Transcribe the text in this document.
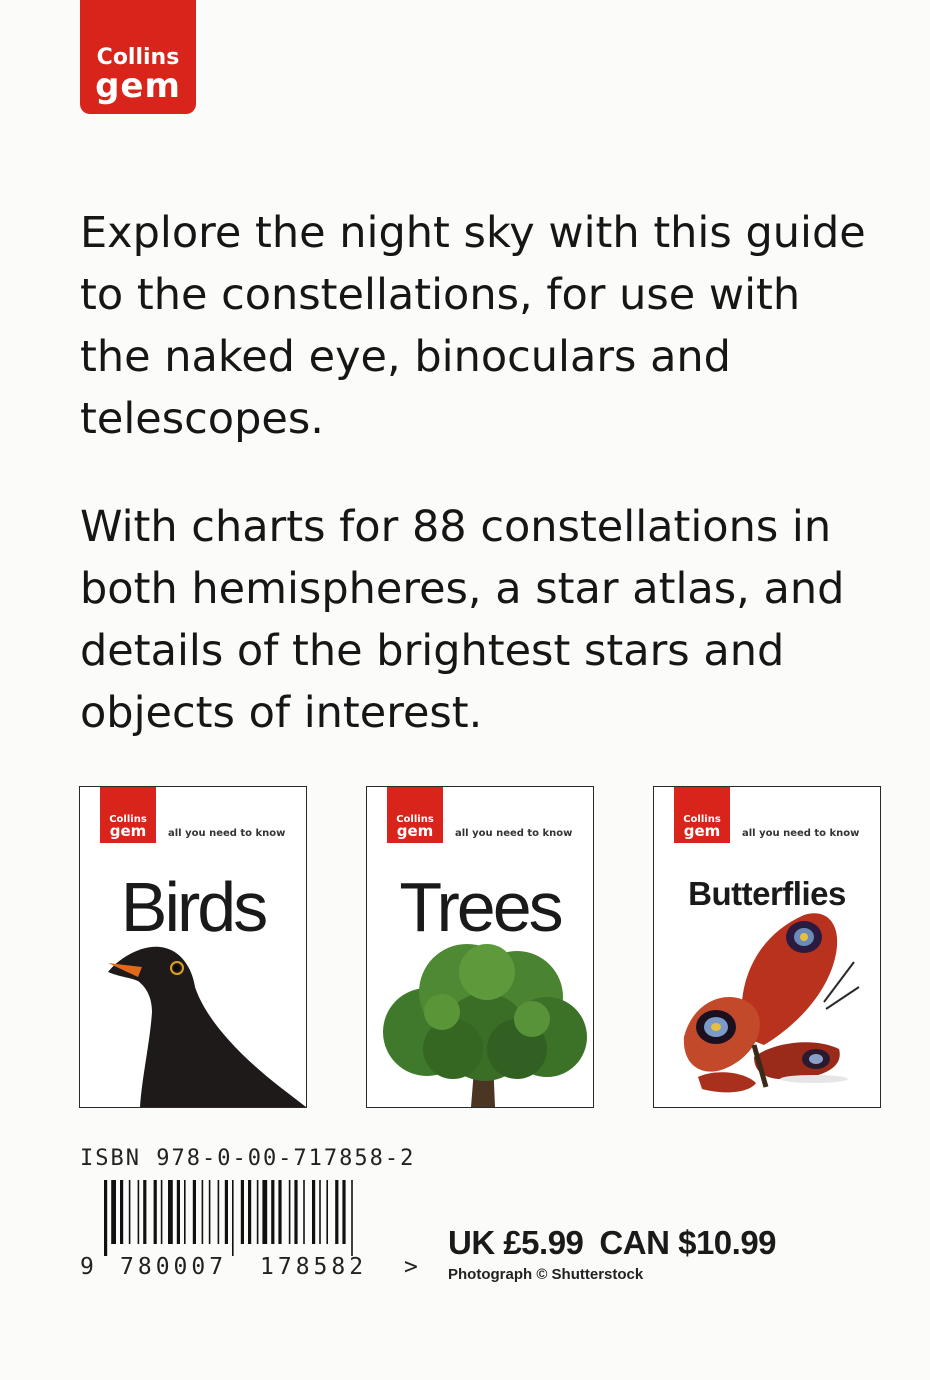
Collins
gem

Explore the night sky with this guide to the constellations, for use with the naked eye, binoculars and telescopes.

With charts for 88 constellations in both hemispheres, a star atlas, and details of the brightest stars and objects of interest.

Collins
gem	all you need to know
Birds
Collins
gem	all you need to know
Trees
Collins
gem	all you need to know
Butterflies
ISBN 978-0-00-717858-2
9 780007 178582 >
UK £5.99 CAN $10.99
Photograph © Shutterstock
